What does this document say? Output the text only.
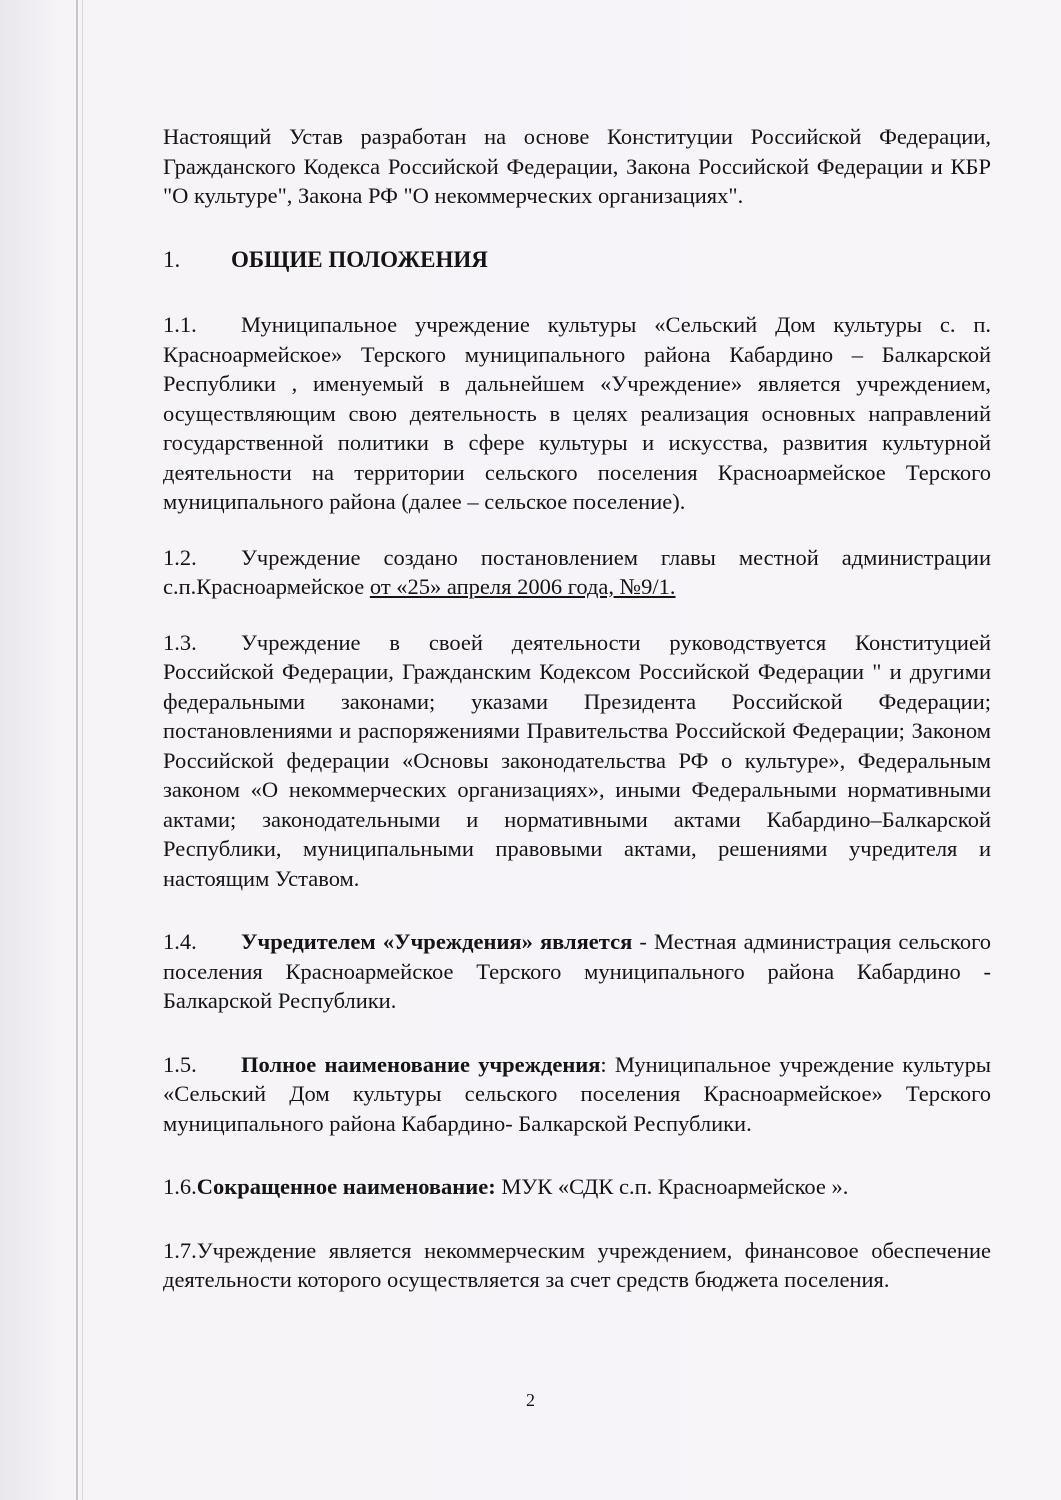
Настоящий Устав разработан на основе Конституции Российской Федерации, Гражданского Кодекса Российской Федерации, Закона Российской Федерации и КБР "О культуре", Закона РФ "О некоммерческих организациях".

1.	ОБЩИЕ ПОЛОЖЕНИЯ

1.1. Муниципальное учреждение культуры «Сельский Дом культуры с. п. Красноармейское» Терского муниципального района Кабардино – Балкарской Республики , именуемый в дальнейшем «Учреждение» является учреждением, осуществляющим свою деятельность в целях реализация основных направлений государственной политики в сфере культуры и искусства, развития культурной деятельности на территории сельского поселения Красноармейское Терского муниципального района (далее – сельское поселение).

1.2. Учреждение создано постановлением главы местной администрации с.п.Красноармейское от «25» апреля 2006 года, №9/1.

1.3. Учреждение в своей деятельности руководствуется Конституцией Российской Федерации, Гражданским Кодексом Российской Федерации " и другими федеральными законами; указами Президента Российской Федерации; постановлениями и распоряжениями Правительства Российской Федерации; Законом Российской федерации «Основы законодательства РФ о культуре», Федеральным законом «О некоммерческих организациях», иными Федеральными нормативными актами; законодательными и нормативными актами Кабардино–Балкарской Республики, муниципальными правовыми актами, решениями учредителя и настоящим Уставом.

1.4. Учредителем «Учреждения» является - Местная администрация сельского поселения Красноармейское Терского муниципального района Кабардино - Балкарской Республики.

1.5. Полное наименование учреждения: Муниципальное учреждение культуры «Сельский Дом культуры сельского поселения Красноармейское» Терского муниципального района Кабардино- Балкарской Республики.

1.6.Сокращенное наименование: МУК «СДК с.п. Красноармейское ».

1.7.Учреждение является некоммерческим учреждением, финансовое обеспечение деятельности которого осуществляется за счет средств бюджета поселения.

2
